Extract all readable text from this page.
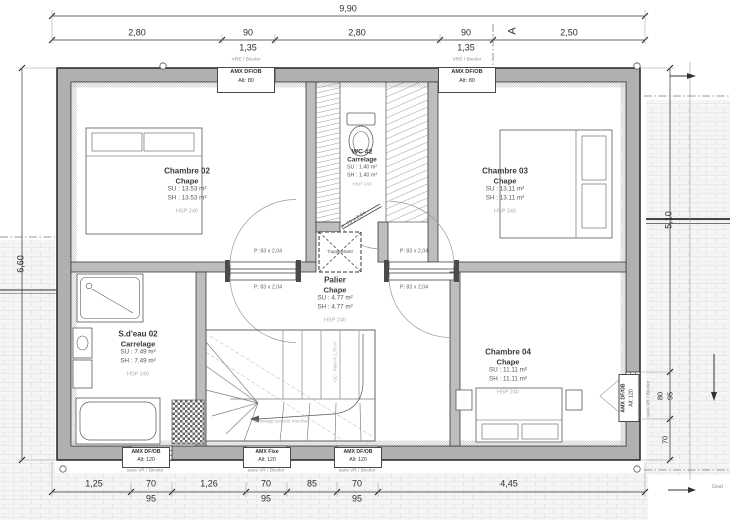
9,90
2,80	90	2,80	90	2,50
1,35	1,35
A
6,60
5,10
80 95
70
1,25	70	1,26	70	85	70	4,45
95	95	95
Gout
VRE / Bicolor
AMX DF/OB
Alt: 80
VRE / Bicolor
AMX DF/OB
Alt: 80
AMX DF/OB
Alt: 120
sans VR / Bicolor
AMX Fixe
Alt: 120
sans VR / Bicolor
AMX DF/OB
Alt: 120
sans VR / Bicolor
AMX DF/OB Alt: 120	sans VR / Bicolor
P: 83 x 2,04
P: 83 x 2,04
P: 83 x 2,04
P: 83 x 2,04
P: 73 x 2,04
Chambre 02
Chape
SU : 13.53 m²
SH : 13.53 m²
HSP 240
Chambre 03
Chape
SU : 13.11 m²
SH : 13.11 m²
HSP 240
WC #2
Carrelage
SU : 1.40 m²
SH : 1.40 m²
HSP 240
Palier
Chape
SU : 4.77 m²
SH : 4.77 m²
HSP 240
S.d'eau 02
Carrelage
SU : 7.49 m²
SH : 7.49 m²
HSP 240
Chambre 04
Chape
SU : 11.11 m²
SH : 11.11 m²
HSP 240
Trappe 60x60
Eclairage associé marches
GC : Plan N 1,70 m
